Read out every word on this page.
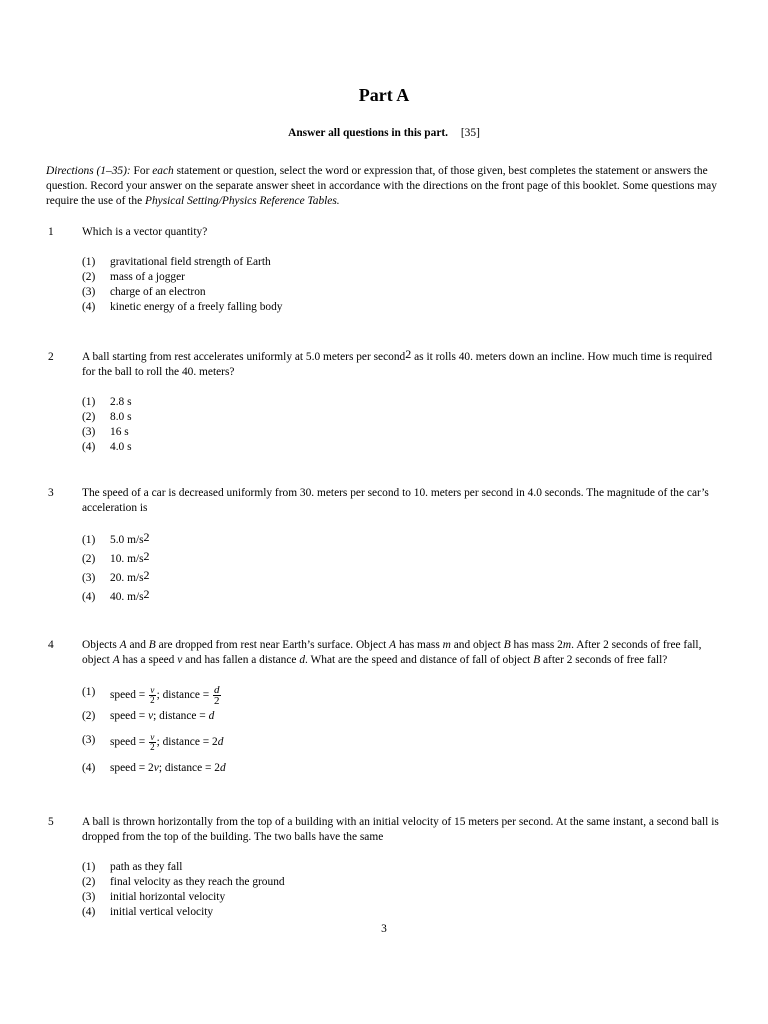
Part A
Answer all questions in this part. [35]
Directions (1–35): For each statement or question, select the word or expression that, of those given, best completes the statement or answers the question. Record your answer on the separate answer sheet in accordance with the directions on the front page of this booklet. Some questions may require the use of the Physical Setting/Physics Reference Tables.
1 Which is a vector quantity?
(1) gravitational field strength of Earth
(2) mass of a jogger
(3) charge of an electron
(4) kinetic energy of a freely falling body
2 A ball starting from rest accelerates uniformly at 5.0 meters per second$^2$ as it rolls 40. meters down an incline. How much time is required for the ball to roll the 40. meters?
(1) 2.8 s
(2) 8.0 s
(3) 16 s
(4) 4.0 s
3 The speed of a car is decreased uniformly from 30. meters per second to 10. meters per second in 4.0 seconds. The magnitude of the car’s acceleration is
(1) 5.0 $m/s^2$
(2) 10. $m/s^2$
(3) 20. $m/s^2$
(4) 40. $m/s^2$
4 Objects A and B are dropped from rest near Earth’s surface. Object A has mass m and object B has mass 2m. After 2 seconds of free fall, object A has a speed v and has fallen a distance d. What are the speed and distance of fall of object B after 2 seconds of free fall?
(1) speed = $\frac{v}{2}$ ; distance = $\frac{d}{2}$
(2) speed = v; distance = d
(3) speed = $\frac{v}{2}$ ; distance = 2d
(4) speed = 2v; distance = 2d
5 A ball is thrown horizontally from the top of a building with an initial velocity of 15 meters per second. At the same instant, a second ball is dropped from the top of the building. The two balls have the same
(1) path as they fall
(2) final velocity as they reach the ground
(3) initial horizontal velocity
(4) initial vertical velocity
3
